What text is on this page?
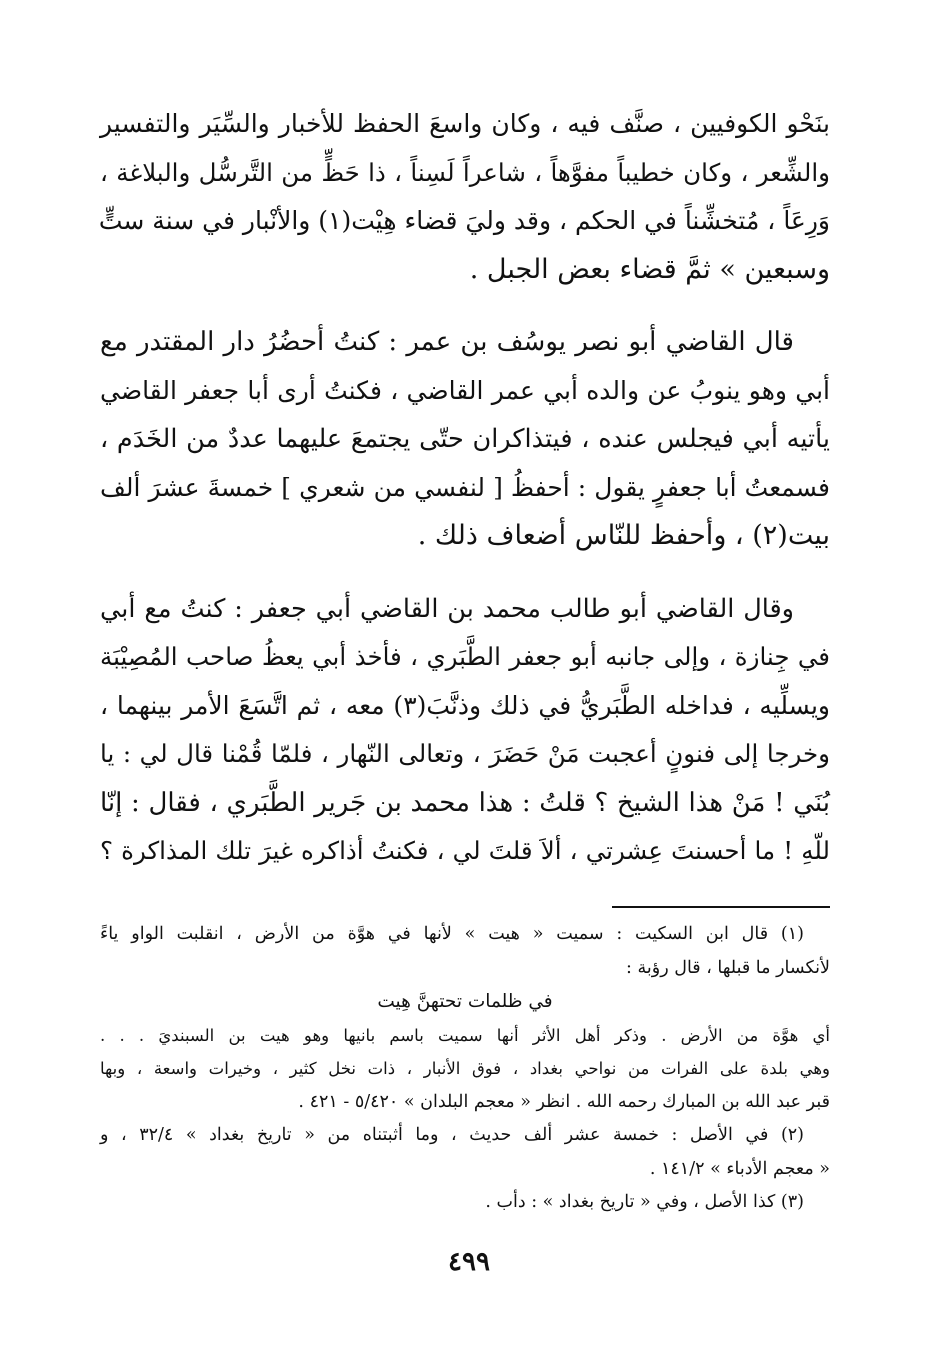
بنَحْو الكوفيين ، صنَّف فيه ، وكان واسعَ الحفظ للأخبار والسِّيَر والتفسير
والشِّعر ، وكان خطيباً مفوَّهاً ، شاعراً لَسِناً ، ذا حَظٍّ من التَّرسُّل والبلاغة ،
وَرِعَاً ، مُتخشِّناً في الحكم ، وقد وليَ قضاء هِيْت(١) والأنْبار في سنة ستٍّ
وسبعين » ثمَّ قضاء بعض الجبل .
قال القاضي أبو نصر يوسُف بن عمر : كنتُ أحضُرُ دار المقتدر مع
أبي وهو ينوبُ عن والده أبي عمر القاضي ، فكنتُ أرى أبا جعفر القاضي
يأتيه أبي فيجلس عنده ، فيتذاكران حتّى يجتمعَ عليهما عددٌ من الخَدَم ،
فسمعتُ أبا جعفرٍ يقول : أحفظُ [ لنفسي من شعري ] خمسةَ عشرَ ألف
بيت(٢) ، وأحفظ للنّاس أضعاف ذلك .
وقال القاضي أبو طالب محمد بن القاضي أبي جعفر : كنتُ مع أبي
في جِنازة ، وإلى جانبه أبو جعفر الطَّبَري ، فأخذ أبي يعظُ صاحب المُصِيْبَة
ويسلِّيه ، فداخله الطَّبَريُّ في ذلك وذنَّبَ(٣) معه ، ثم اتَّسَعَ الأمر بينهما ،
وخرجا إلى فنونٍ أعجبت مَنْ حَضَرَ ، وتعالى النّهار ، فلمّا قُمْنا قال لي : يا
بُنَي ! مَنْ هذا الشيخ ؟ قلتُ : هذا محمد بن جَرير الطَّبَري ، فقال : إنّا
للّهِ ! ما أحسنتَ عِشرتي ، ألاَ قلتَ لي ، فكنتُ أذاكره غيرَ تلك المذاكرة ؟
(١) قال ابن السكيت : سميت « هيت » لأنها في هوَّة من الأرض ، انقلبت الواو ياءً
لأنكسار ما قبلها ، قال رؤبة :
في ظلمات تحتهنَّ هِيت
أي هوَّة من الأرض . وذكر أهل الأثر أنها سميت باسم بانيها وهو هيت بن السبنديَ . . .
وهي بلدة على الفرات من نواحي بغداد ، فوق الأنبار ، ذات نخل كثير ، وخيرات واسعة ، وبها
قبر عبد الله بن المبارك رحمه الله . انظر « معجم البلدان » ٥/٤٢٠ - ٤٢١ .
(٢) في الأصل : خمسة عشر ألف حديث ، وما أثبتناه من « تاريخ بغداد » ٣٢/٤ ، و
« معجم الأدباء » ١٤١/٢ .
(٣) كذا الأصل ، وفي « تاريخ بغداد » : دأب .
٤٩٩
